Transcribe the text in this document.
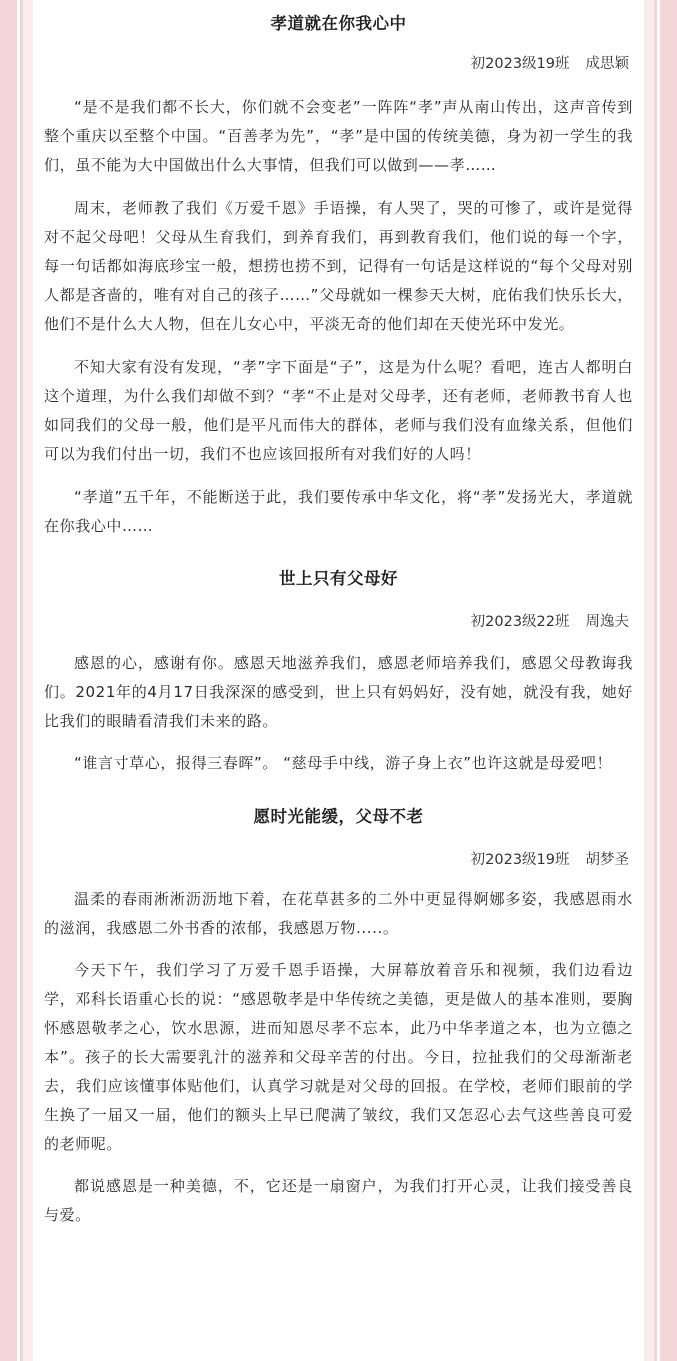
孝道就在你我心中

初2023级19班 成思颖

“是不是我们都不长大，你们就不会变老”一阵阵“孝”声从南山传出，这声音传到整个重庆以至整个中国。“百善孝为先”，“孝”是中国的传统美德，身为初一学生的我们，虽不能为大中国做出什么大事情，但我们可以做到——孝……

周末，老师教了我们《万爱千恩》手语操，有人哭了，哭的可惨了，或许是觉得对不起父母吧！父母从生育我们，到养育我们，再到教育我们，他们说的每一个字，每一句话都如海底珍宝一般，想捞也捞不到，记得有一句话是这样说的“每个父母对别人都是吝啬的，唯有对自己的孩子……”父母就如一棵参天大树，庇佑我们快乐长大，他们不是什么大人物，但在儿女心中，平淡无奇的他们却在天使光环中发光。

不知大家有没有发现，“孝”字下面是“子”，这是为什么呢？看吧，连古人都明白这个道理，为什么我们却做不到？“孝“不止是对父母孝，还有老师，老师教书育人也如同我们的父母一般，他们是平凡而伟大的群体，老师与我们没有血缘关系，但他们可以为我们付出一切，我们不也应该回报所有对我们好的人吗！

“孝道”五千年，不能断送于此，我们要传承中华文化，将“孝”发扬光大，孝道就在你我心中……

世上只有父母好

初2023级22班 周逸夫

感恩的心，感谢有你。感恩天地滋养我们，感恩老师培养我们，感恩父母教诲我们。2021年的4月17日我深深的感受到，世上只有妈妈好，没有她，就没有我，她好比我们的眼睛看清我们未来的路。

“谁言寸草心，报得三春晖”。 “慈母手中线，游子身上衣”也许这就是母爱吧！

愿时光能缓，父母不老

初2023级19班 胡梦圣

温柔的春雨淅淅沥沥地下着，在花草甚多的二外中更显得婀娜多姿，我感恩雨水的滋润，我感恩二外书香的浓郁，我感恩万物.....。

今天下午，我们学习了万爱千恩手语操，大屏幕放着音乐和视频，我们边看边学，邓科长语重心长的说：“感恩敬孝是中华传统之美德，更是做人的基本准则，要胸怀感恩敬孝之心，饮水思源，进而知恩尽孝不忘本，此乃中华孝道之本，也为立德之本”。孩子的长大需要乳汁的滋养和父母辛苦的付出。今日，拉扯我们的父母渐渐老去，我们应该懂事体贴他们，认真学习就是对父母的回报。在学校，老师们眼前的学生换了一届又一届，他们的额头上早已爬满了皱纹，我们又怎忍心去气这些善良可爱的老师呢。

都说感恩是一种美德，不，它还是一扇窗户，为我们打开心灵，让我们接受善良与爱。
